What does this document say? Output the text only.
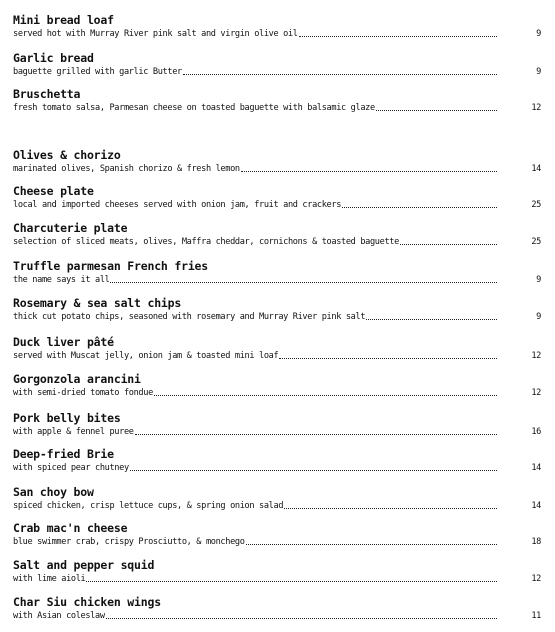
Mini bread loaf
served hot with Murray River pink salt and virgin olive oil	9
Garlic bread
baguette grilled with garlic Butter	9
Bruschetta
fresh tomato salsa, Parmesan cheese on toasted baguette with balsamic glaze	12
Olives & chorizo
marinated olives, Spanish chorizo & fresh lemon	14
Cheese plate
local and imported cheeses served with onion jam, fruit and crackers	25
Charcuterie plate
selection of sliced meats, olives, Maffra cheddar, cornichons & toasted baguette	25
Truffle parmesan French fries
the name says it all	9
Rosemary & sea salt chips
thick cut potato chips, seasoned with rosemary and Murray River pink salt	9
Duck liver pâté
served with Muscat jelly, onion jam & toasted mini loaf	12
Gorgonzola arancini
with semi-dried tomato fondue	12
Pork belly bites
with apple & fennel puree	16
Deep-fried Brie
with spiced pear chutney	14
San choy bow
spiced chicken, crisp lettuce cups, & spring onion salad	14
Crab mac'n cheese
blue swimmer crab, crispy Prosciutto, & monchego	18
Salt and pepper squid
with lime aioli	12
Char Siu chicken wings
with Asian coleslaw	11
